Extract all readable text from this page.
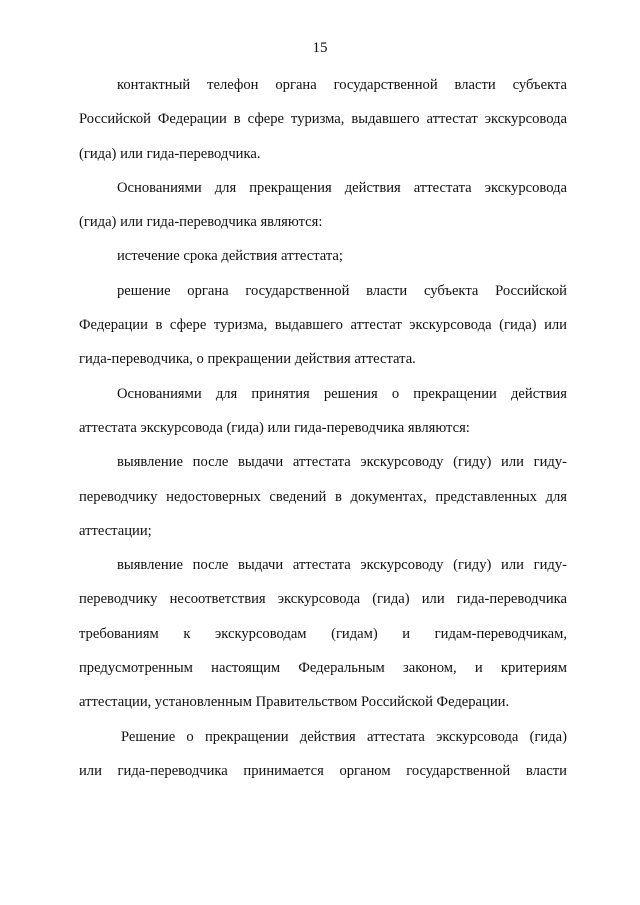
15
контактный телефон органа государственной власти субъекта
Российской Федерации в сфере туризма, выдавшего аттестат экскурсовода
(гида) или гида-переводчика.
Основаниями для прекращения действия аттестата экскурсовода
(гида) или гида-переводчика являются:
истечение срока действия аттестата;
решение органа государственной власти субъекта Российской
Федерации в сфере туризма, выдавшего аттестат экскурсовода (гида) или
гида-переводчика, о прекращении действия аттестата.
Основаниями для принятия решения о прекращении действия
аттестата экскурсовода (гида) или гида-переводчика являются:
выявление после выдачи аттестата экскурсоводу (гиду) или гиду-
переводчику недостоверных сведений в документах, представленных для
аттестации;
выявление после выдачи аттестата экскурсоводу (гиду) или гиду-
переводчику несоответствия экскурсовода (гида) или гида-переводчика
требованиям к экскурсоводам (гидам) и гидам-переводчикам,
предусмотренным настоящим Федеральным законом, и критериям
аттестации, установленным Правительством Российской Федерации.
Решение о прекращении действия аттестата экскурсовода (гида)
или гида-переводчика принимается органом государственной власти
